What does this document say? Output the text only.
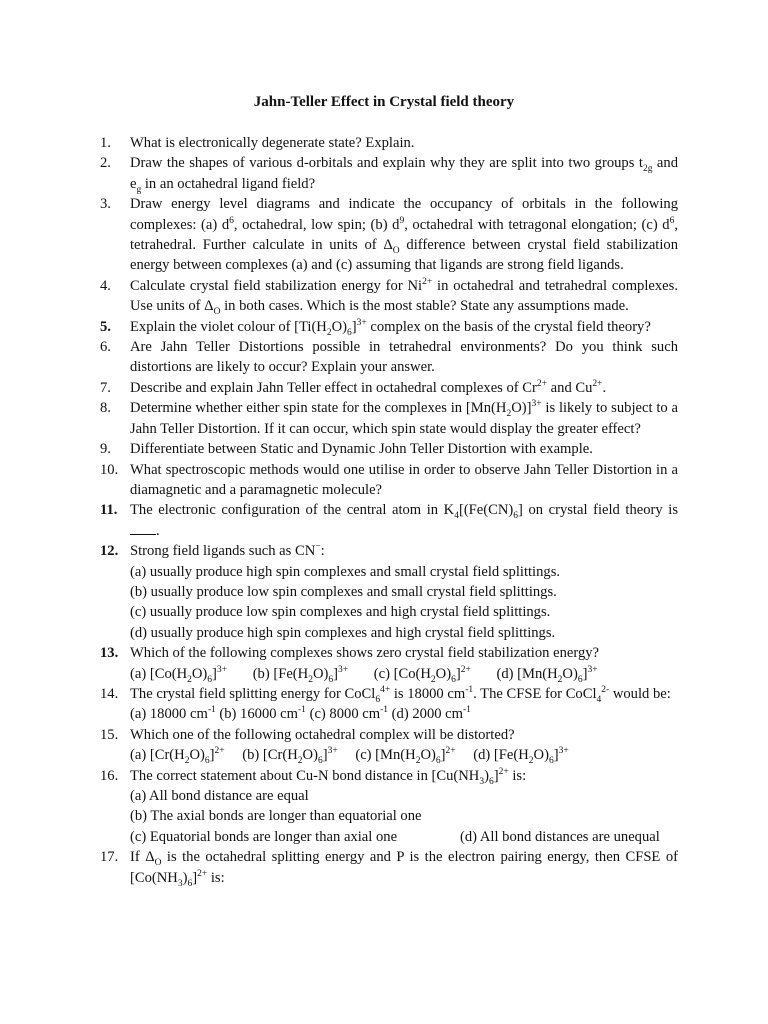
Jahn-Teller Effect in Crystal field theory
1.	What is electronically degenerate state? Explain.
2.	Draw the shapes of various d-orbitals and explain why they are split into two groups $t_{2g}$ and $e_g$ in an octahedral ligand field?
3.	Draw energy level diagrams and indicate the occupancy of orbitals in the following complexes: (a) $d^6$, octahedral, low spin; (b) $d^9$, octahedral with tetragonal elongation; (c) $d^6$, tetrahedral. Further calculate in units of $\Delta_O$ difference between crystal field stabilization energy between complexes (a) and (c) assuming that ligands are strong field ligands.
4.	Calculate crystal field stabilization energy for $Ni^{2+}$ in octahedral and tetrahedral complexes. Use units of $\Delta_O$ in both cases. Which is the most stable? State any assumptions made.
5.	Explain the violet colour of $[Ti(H_2O)_6]^{3+}$ complex on the basis of the crystal field theory?
6.	Are Jahn Teller Distortions possible in tetrahedral environments? Do you think such distortions are likely to occur? Explain your answer.
7.	Describe and explain Jahn Teller effect in octahedral complexes of $Cr^{2+}$ and $Cu^{2+}$.
8.	Determine whether either spin state for the complexes in $[Mn(H_2O)]^{3+}$ is likely to subject to a Jahn Teller Distortion. If it can occur, which spin state would display the greater effect?
9.	Differentiate between Static and Dynamic John Teller Distortion with example.
10. What spectroscopic methods would one utilise in order to observe Jahn Teller Distortion in a diamagnetic and a paramagnetic molecule?
11. The electronic configuration of the central atom in $K_4[(Fe(CN)_6]$ on crystal field theory is .
12. Strong field ligands such as CN−:
(a) usually produce high spin complexes and small crystal field splittings.
(b) usually produce low spin complexes and small crystal field splittings.
(c) usually produce low spin complexes and high crystal field splittings.
(d) usually produce high spin complexes and high crystal field splittings.
13. Which of the following complexes shows zero crystal field stabilization energy?
(a) $[Co(H_2O)_6]^{3+}$ (b) $[Fe(H_2O)_6]^{3+}$ (c) $[Co(H_2O)_6]^{2+}$ (d) $[Mn(H_2O)_6]^{3+}$
14. The crystal field splitting energy for CoCl$_6^{4+}$ is 18000 $cm^{-1}$. The CFSE for CoCl$_4^{2-}$ would be: (a) 18000 $cm^{-1}$ (b) 16000 $cm^{-1}$ (c) 8000 $cm^{-1}$ (d) 2000 $cm^{-1}$
15. Which one of the following octahedral complex will be distorted?
(a) $[Cr(H_2O)_6]^{2+}$ (b) $[Cr(H_2O)_6]^{3+}$ (c) $[Mn(H_2O)_6]^{2+}$ (d) $[Fe(H_2O)_6]^{3+}$
16. The correct statement about Cu-N bond distance in $[Cu(NH_3)_6]^{2+}$ is:
(a) All bond distance are equal(b) The axial bonds are longer than equatorial one
(c) Equatorial bonds are longer than axial one	(d) All bond distances are unequal
17. If $\Delta_O$ is the octahedral splitting energy and P is the electron pairing energy, then CFSE of $[Co(NH_3)_6]^{2+}$ is:
